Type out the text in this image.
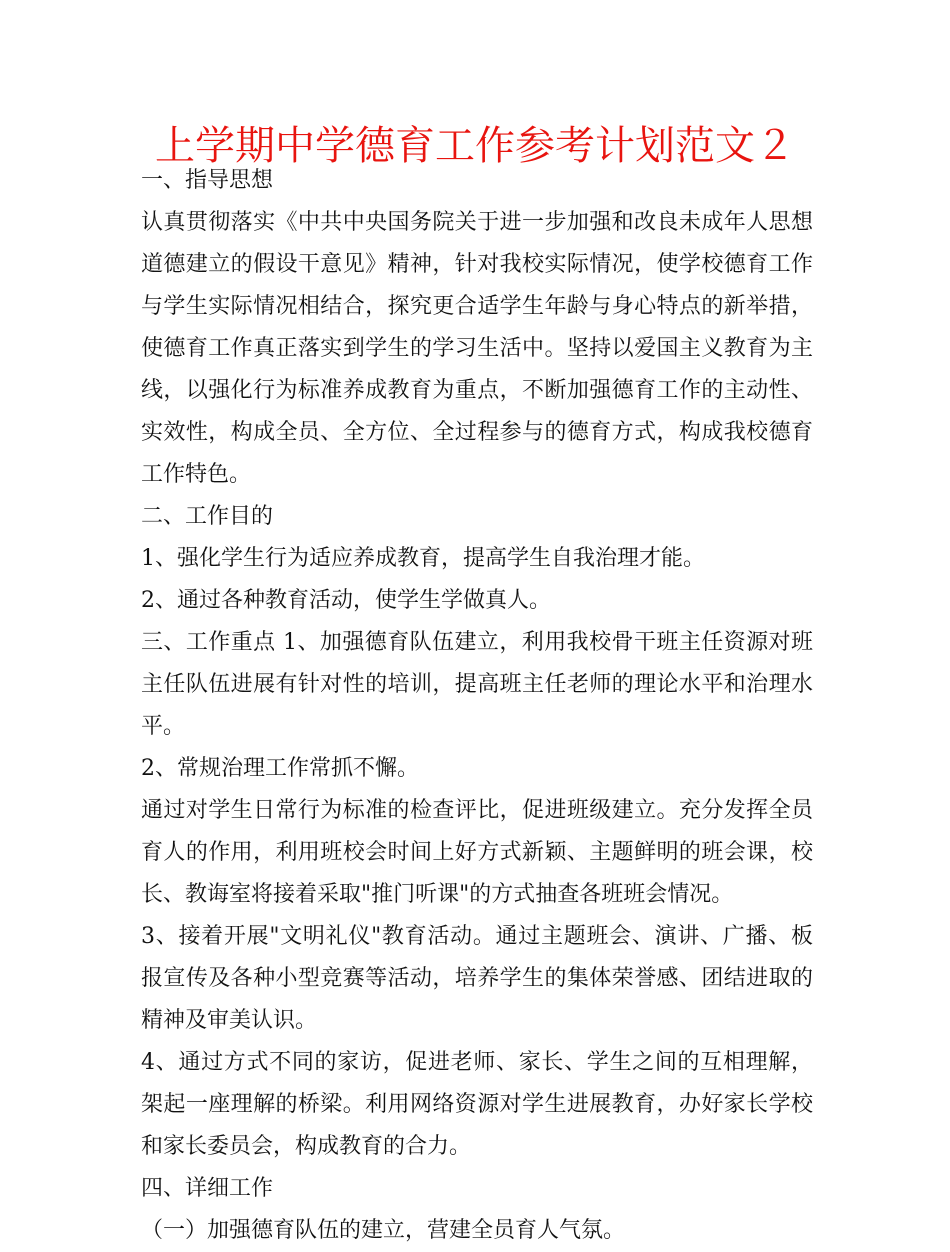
上学期中学德育工作参考计划范文２

一、指导思想

认真贯彻落实《中共中央国务院关于进一步加强和改良未成年人思想道德建立的假设干意见》精神，针对我校实际情况，使学校德育工作与学生实际情况相结合，探究更合适学生年龄与身心特点的新举措，使德育工作真正落实到学生的学习生活中。坚持以爱国主义教育为主线，以强化行为标准养成教育为重点，不断加强德育工作的主动性、实效性，构成全员、全方位、全过程参与的德育方式，构成我校德育工作特色。

二、工作目的

1、强化学生行为适应养成教育，提高学生自我治理才能。

2、通过各种教育活动，使学生学做真人。

三、工作重点 1、加强德育队伍建立，利用我校骨干班主任资源对班主任队伍进展有针对性的培训，提高班主任老师的理论水平和治理水平。

2、常规治理工作常抓不懈。

通过对学生日常行为标准的检查评比，促进班级建立。充分发挥全员育人的作用，利用班校会时间上好方式新颖、主题鲜明的班会课，校长、教诲室将接着采取"推门听课"的方式抽查各班班会情况。

3、接着开展"文明礼仪"教育活动。通过主题班会、演讲、广播、板报宣传及各种小型竞赛等活动，培养学生的集体荣誉感、团结进取的精神及审美认识。

4、通过方式不同的家访，促进老师、家长、学生之间的互相理解，架起一座理解的桥梁。利用网络资源对学生进展教育，办好家长学校和家长委员会，构成教育的合力。

四、详细工作

（一）加强德育队伍的建立，营建全员育人气氛。
